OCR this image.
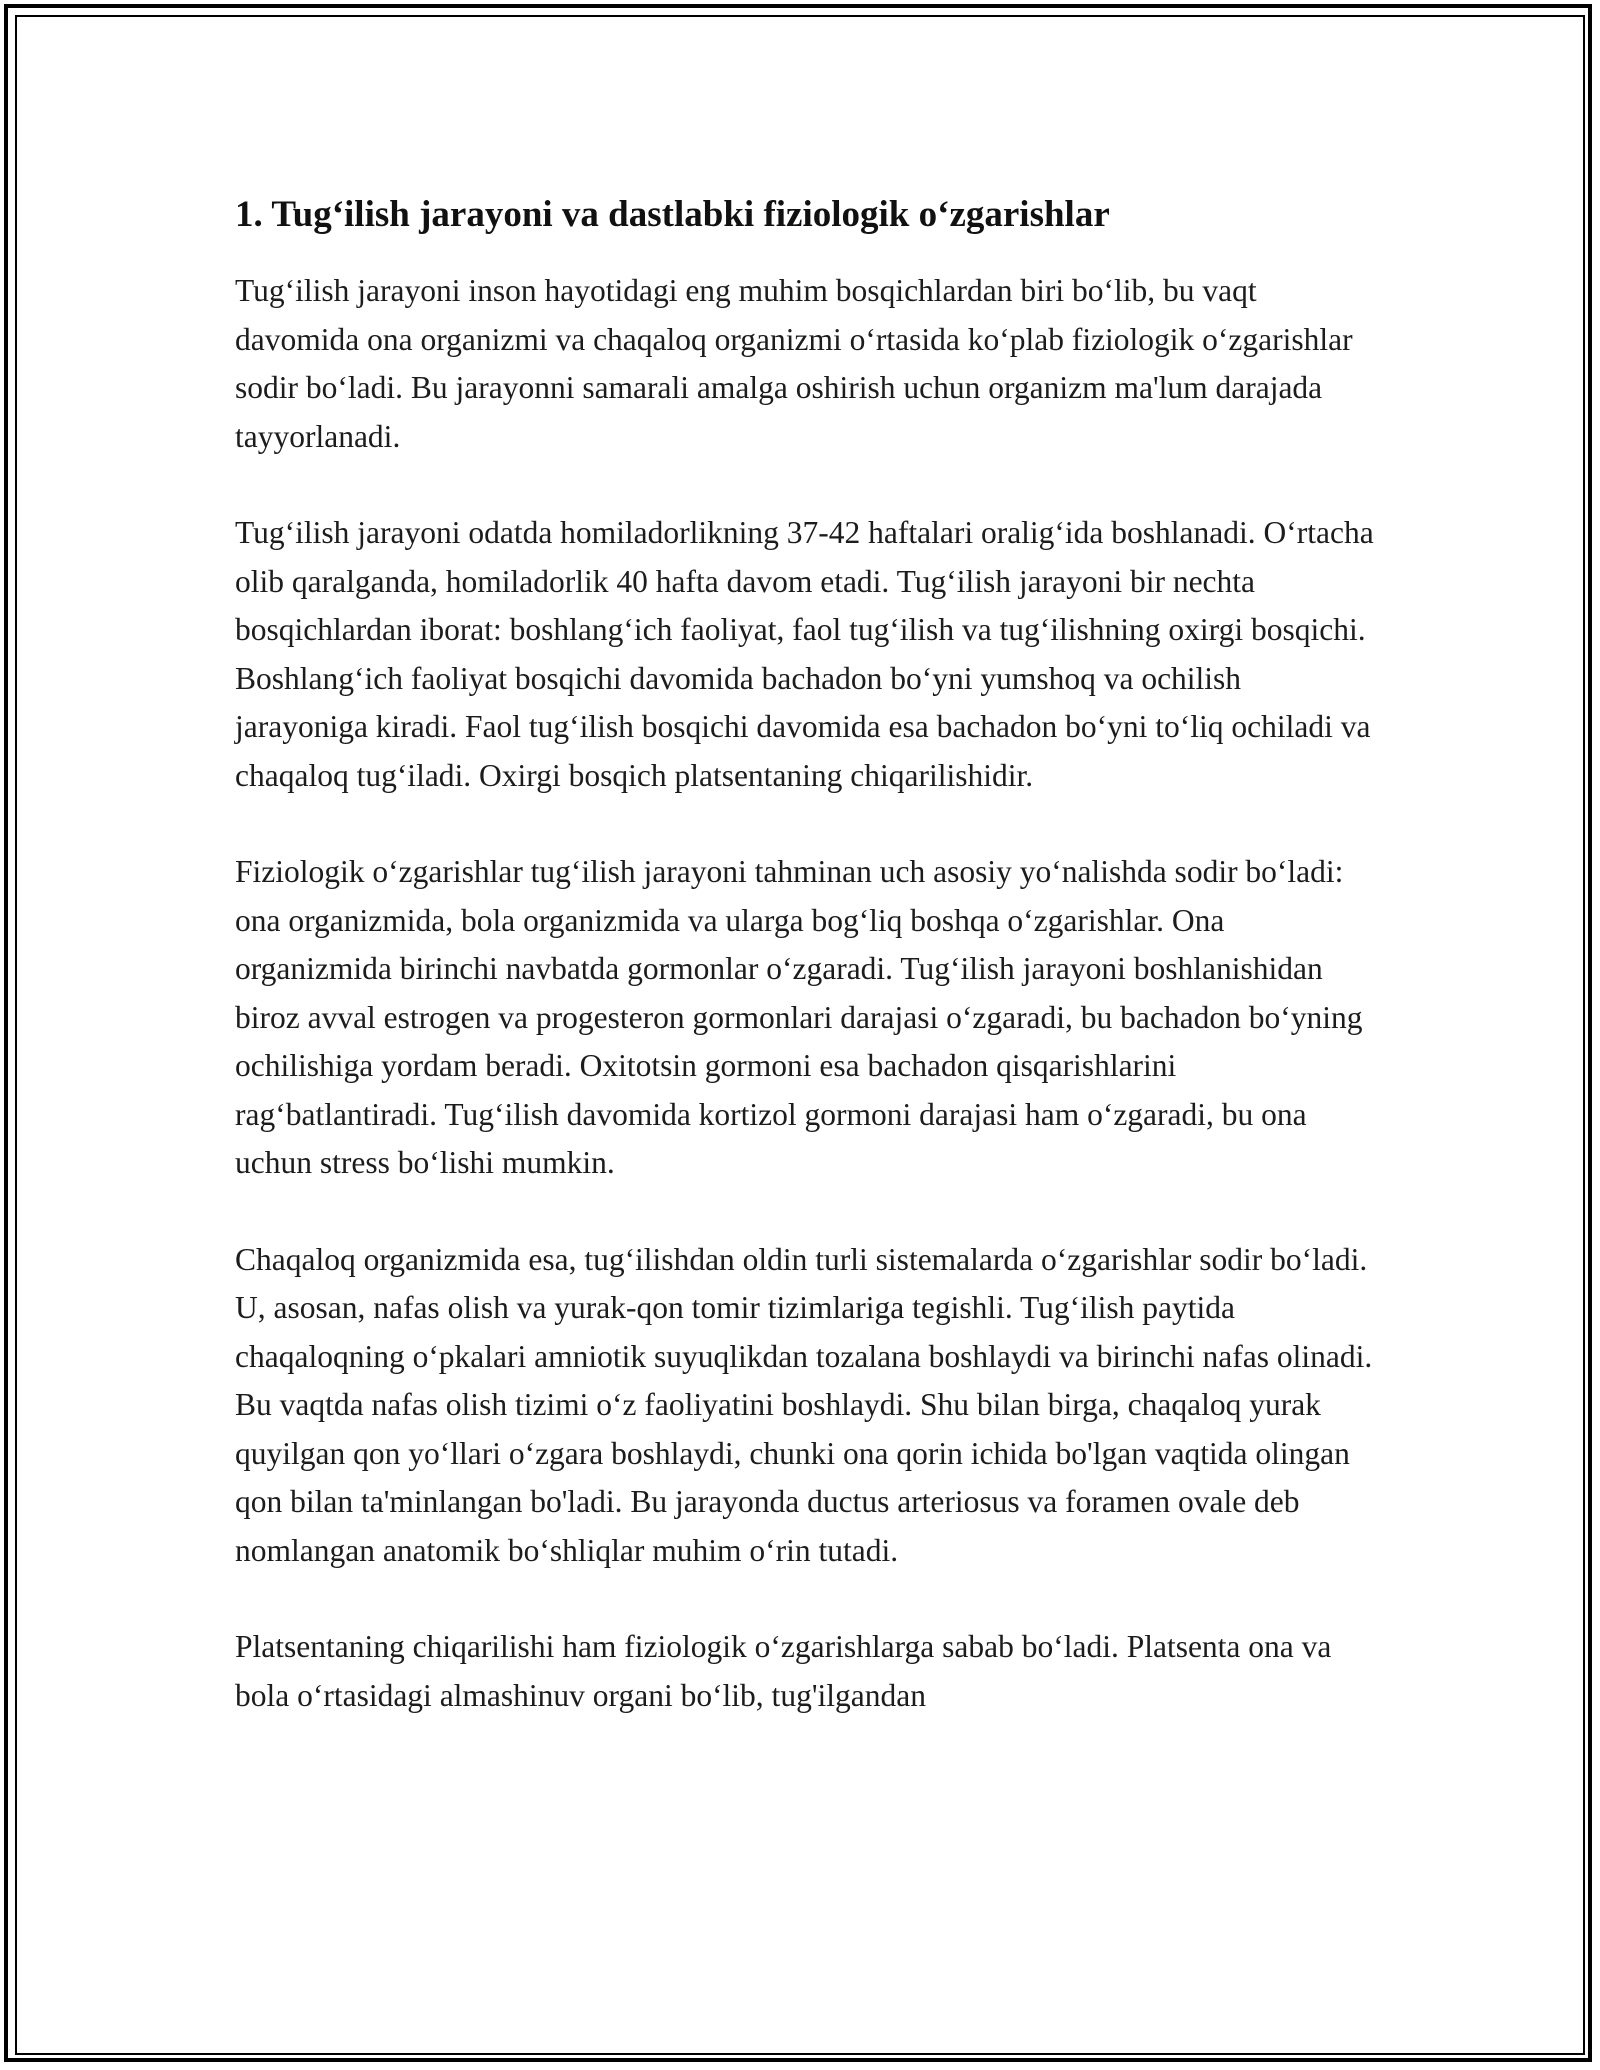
1. Tug‘ilish jarayoni va dastlabki fiziologik o‘zgarishlar

Tug‘ilish jarayoni inson hayotidagi eng muhim bosqichlardan biri bo‘lib, bu vaqt davomida ona organizmi va chaqaloq organizmi o‘rtasida ko‘plab fiziologik o‘zgarishlar sodir bo‘ladi. Bu jarayonni samarali amalga oshirish uchun organizm ma'lum darajada tayyorlanadi.

Tug‘ilish jarayoni odatda homiladorlikning 37-42 haftalari oralig‘ida boshlanadi. O‘rtacha olib qaralganda, homiladorlik 40 hafta davom etadi. Tug‘ilish jarayoni bir nechta bosqichlardan iborat: boshlang‘ich faoliyat, faol tug‘ilish va tug‘ilishning oxirgi bosqichi. Boshlang‘ich faoliyat bosqichi davomida bachadon bo‘yni yumshoq va ochilish jarayoniga kiradi. Faol tug‘ilish bosqichi davomida esa bachadon bo‘yni to‘liq ochiladi va chaqaloq tug‘iladi. Oxirgi bosqich platsentaning chiqarilishidir.

Fiziologik o‘zgarishlar tug‘ilish jarayoni tahminan uch asosiy yo‘nalishda sodir bo‘ladi: ona organizmida, bola organizmida va ularga bog‘liq boshqa o‘zgarishlar. Ona organizmida birinchi navbatda gormonlar o‘zgaradi. Tug‘ilish jarayoni boshlanishidan biroz avval estrogen va progesteron gormonlari darajasi o‘zgaradi, bu bachadon bo‘yning ochilishiga yordam beradi. Oxitotsin gormoni esa bachadon qisqarishlarini rag‘batlantiradi. Tug‘ilish davomida kortizol gormoni darajasi ham o‘zgaradi, bu ona uchun stress bo‘lishi mumkin.

Chaqaloq organizmida esa, tug‘ilishdan oldin turli sistemalarda o‘zgarishlar sodir bo‘ladi. U, asosan, nafas olish va yurak-qon tomir tizimlariga tegishli. Tug‘ilish paytida chaqaloqning o‘pkalari amniotik suyuqlikdan tozalana boshlaydi va birinchi nafas olinadi. Bu vaqtda nafas olish tizimi o‘z faoliyatini boshlaydi. Shu bilan birga, chaqaloq yurak quyilgan qon yo‘llari o‘zgara boshlaydi, chunki ona qorin ichida bo'lgan vaqtida olingan qon bilan ta'minlangan bo'ladi. Bu jarayonda ductus arteriosus va foramen ovale deb nomlangan anatomik bo‘shliqlar muhim o‘rin tutadi.

Platsentaning chiqarilishi ham fiziologik o‘zgarishlarga sabab bo‘ladi. Platsenta ona va bola o‘rtasidagi almashinuv organi bo‘lib, tug'ilgandan
